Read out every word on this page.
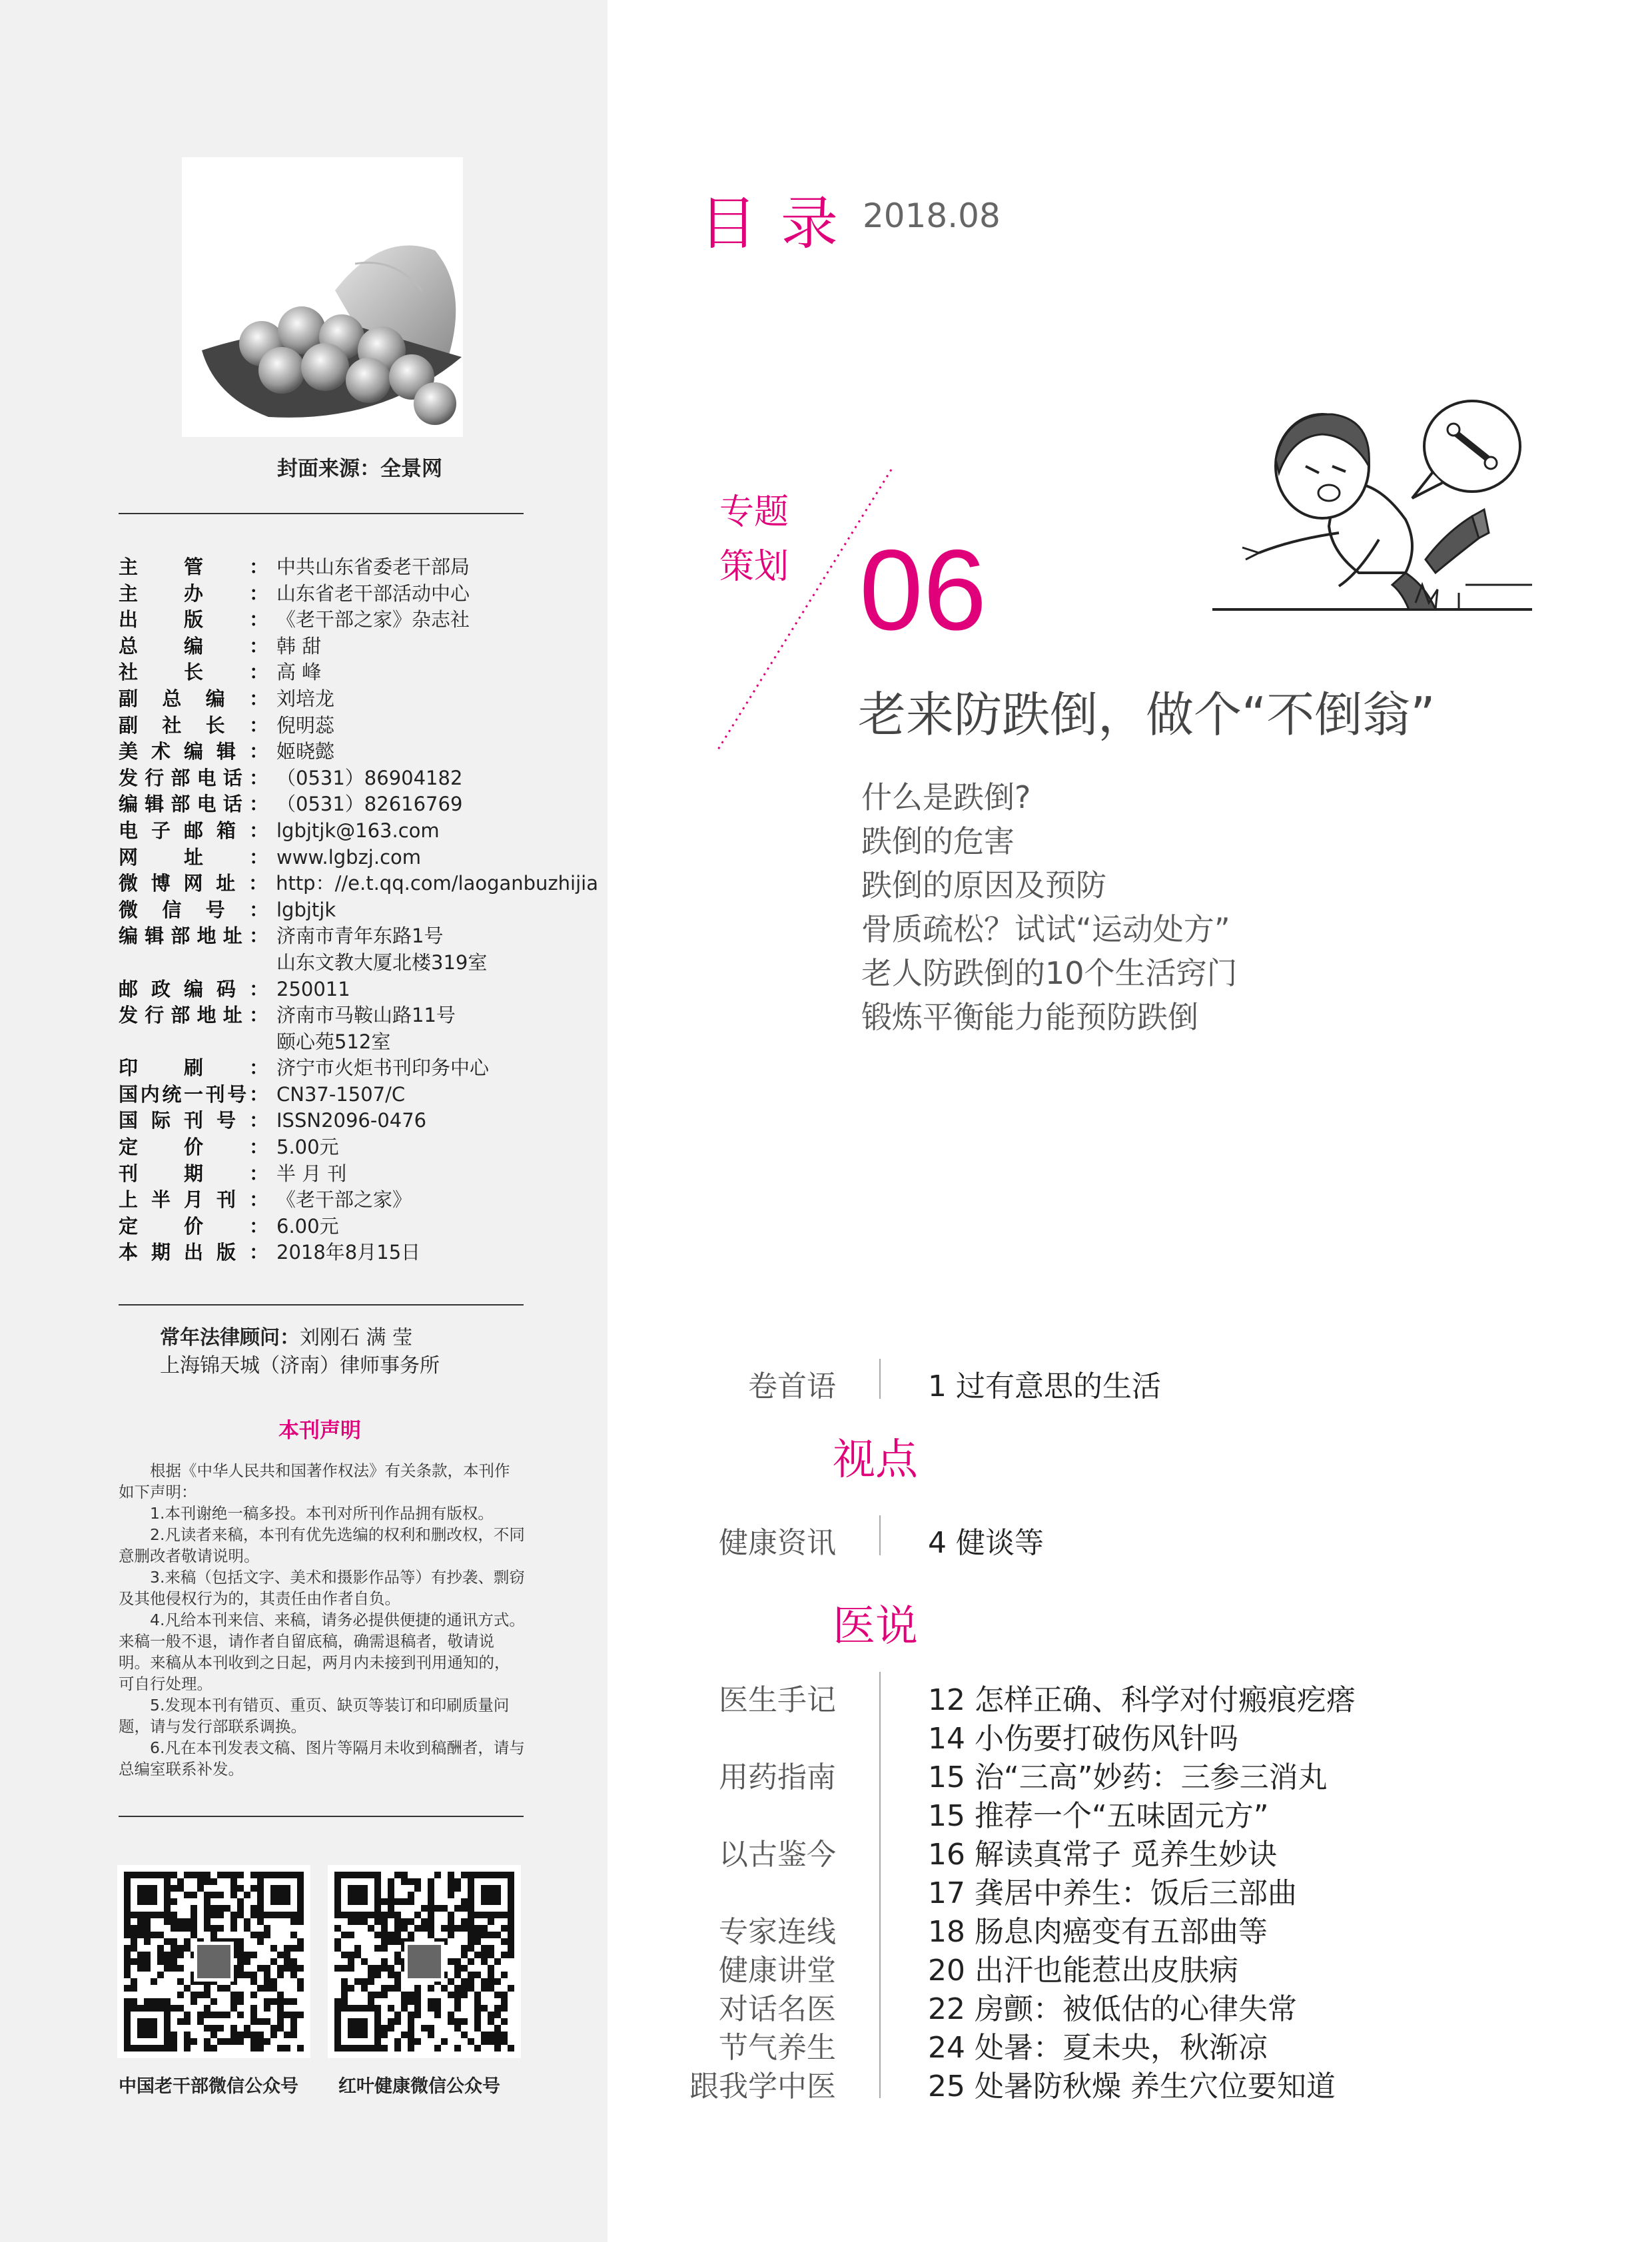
封面来源：全景网
主 管 ： 中共山东省委老干部局
主 办 ： 山东省老干部活动中心
出 版 ： 《老干部之家》杂志社
总 编 ： 韩 甜
社 长 ： 高 峰
副 总 编 ： 刘培龙
副 社 长 ： 倪明蕊
美 术 编 辑 ： 姬晓懿
发 行 部 电 话 ： （0531）86904182
编 辑 部 电 话 ： （0531）82616769
电 子 邮 箱 ： lgbjtjk@163.com
网 址 ： www.lgbzj.com
微 博 网 址 ： http：//e.t.qq.com/laoganbuzhijia
微 信 号 ： lgbjtjk
编 辑 部 地 址 ： 济南市青年东路1号
山东文教大厦北楼319室
邮 政 编 码 ： 250011
发 行 部 地 址 ： 济南市马鞍山路11号
颐心苑512室
印 刷 ： 济宁市火炬书刊印务中心
国 内 统 一 刊 号 ： CN37-1507/C
国 际 刊 号 ： ISSN2096-0476
定 价 ： 5.00元
刊 期 ： 半 月 刊
上 半 月 刊 ： 《老干部之家》
定 价 ： 6.00元
本 期 出 版 ： 2018年8月15日
常年法律顾问：刘刚石 满 莹
上海锦天城（济南）律师事务所
本刊声明

根据《中华人民共和国著作权法》有关条款，本刊作如下声明：

1.本刊谢绝一稿多投。本刊对所刊作品拥有版权。

2.凡读者来稿，本刊有优先选编的权利和删改权，不同意删改者敬请说明。

3.来稿（包括文字、美术和摄影作品等）有抄袭、剽窃及其他侵权行为的，其责任由作者自负。

4.凡给本刊来信、来稿，请务必提供便捷的通讯方式。来稿一般不退，请作者自留底稿，确需退稿者，敬请说明。来稿从本刊收到之日起，两月内未接到刊用通知的，可自行处理。

5.发现本刊有错页、重页、缺页等装订和印刷质量问题，请与发行部联系调换。

6.凡在本刊发表文稿、图片等隔月未收到稿酬者，请与总编室联系补发。

中国老干部微信公众号 红叶健康微信公众号
目录 2018.08
专题
策划 06
老来防跌倒，做个“不倒翁”
什么是跌倒?
跌倒的危害
跌倒的原因及预防
骨质疏松？试试“运动处方”
老人防跌倒的10个生活窍门
锻炼平衡能力能预防跌倒
卷首语	1 过有意思的生活
视点
健康资讯	4 健谈等
医说
医生手记
用药指南
以古鉴今
专家连线
健康讲堂
对话名医
节气养生
跟我学中医
12 怎样正确、科学对付瘢痕疙瘩
14 小伤要打破伤风针吗
15 治“三高”妙药：三参三消丸
15 推荐一个“五味固元方”
16 解读真常子 觅养生妙诀
17 龚居中养生：饭后三部曲
18 肠息肉癌变有五部曲等
20 出汗也能惹出皮肤病
22 房颤：被低估的心律失常
24 处暑：夏未央，秋渐凉
25 处暑防秋燥 养生穴位要知道
